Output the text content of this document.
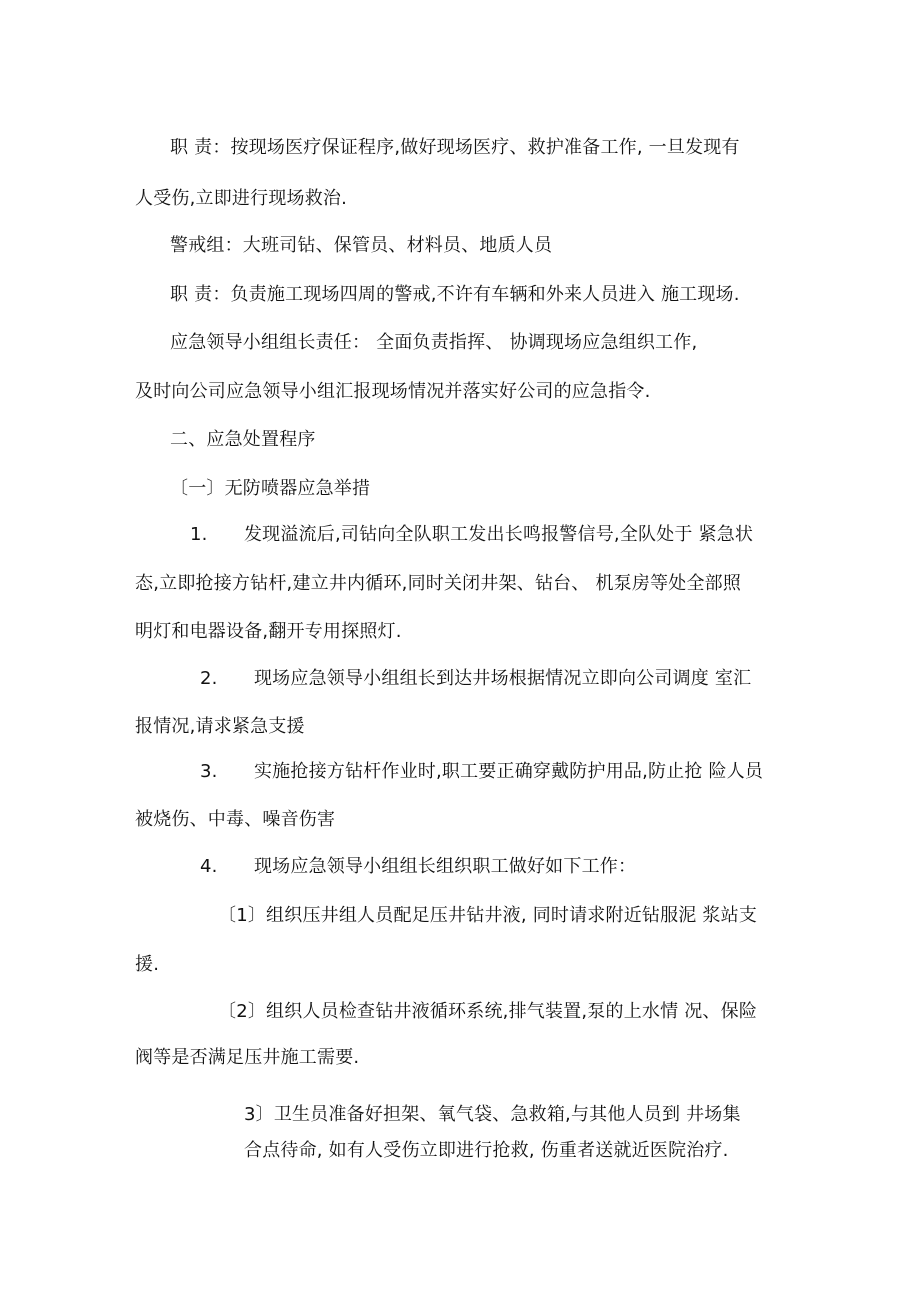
职 责：按现场医疗保证程序,做好现场医疗、救护准备工作, 一旦发现有
人受伤,立即进行现场救治.
警戒组：大班司钻、保管员、材料员、地质人员
职 责：负责施工现场四周的警戒,不许有车辆和外来人员进入 施工现场.
应急领导小组组长责任： 全面负责指挥、 协调现场应急组织工作,
及时向公司应急领导小组汇报现场情况并落实好公司的应急指令.
二、应急处置程序
〔一〕无防喷器应急举措
1.　　发现溢流后,司钻向全队职工发出长鸣报警信号,全队处于 紧急状
态,立即抢接方钻杆,建立井内循环,同时关闭井架、钻台、 机泵房等处全部照
明灯和电器设备,翻开专用探照灯.
2.　　现场应急领导小组组长到达井场根据情况立即向公司调度 室汇
报情况,请求紧急支援
3.　　实施抢接方钻杆作业时,职工要正确穿戴防护用品,防止抢 险人员
被烧伤、中毒、噪音伤害
4.　　现场应急领导小组组长组织职工做好如下工作：
〔1〕组织压井组人员配足压井钻井液, 同时请求附近钻服泥 浆站支
援.
〔2〕组织人员检查钻井液循环系统,排气装置,泵的上水情 况、保险
阀等是否满足压井施工需要.
3〕卫生员准备好担架、氧气袋、急救箱,与其他人员到 井场集
合点待命, 如有人受伤立即进行抢救, 伤重者送就近医院治疗.
